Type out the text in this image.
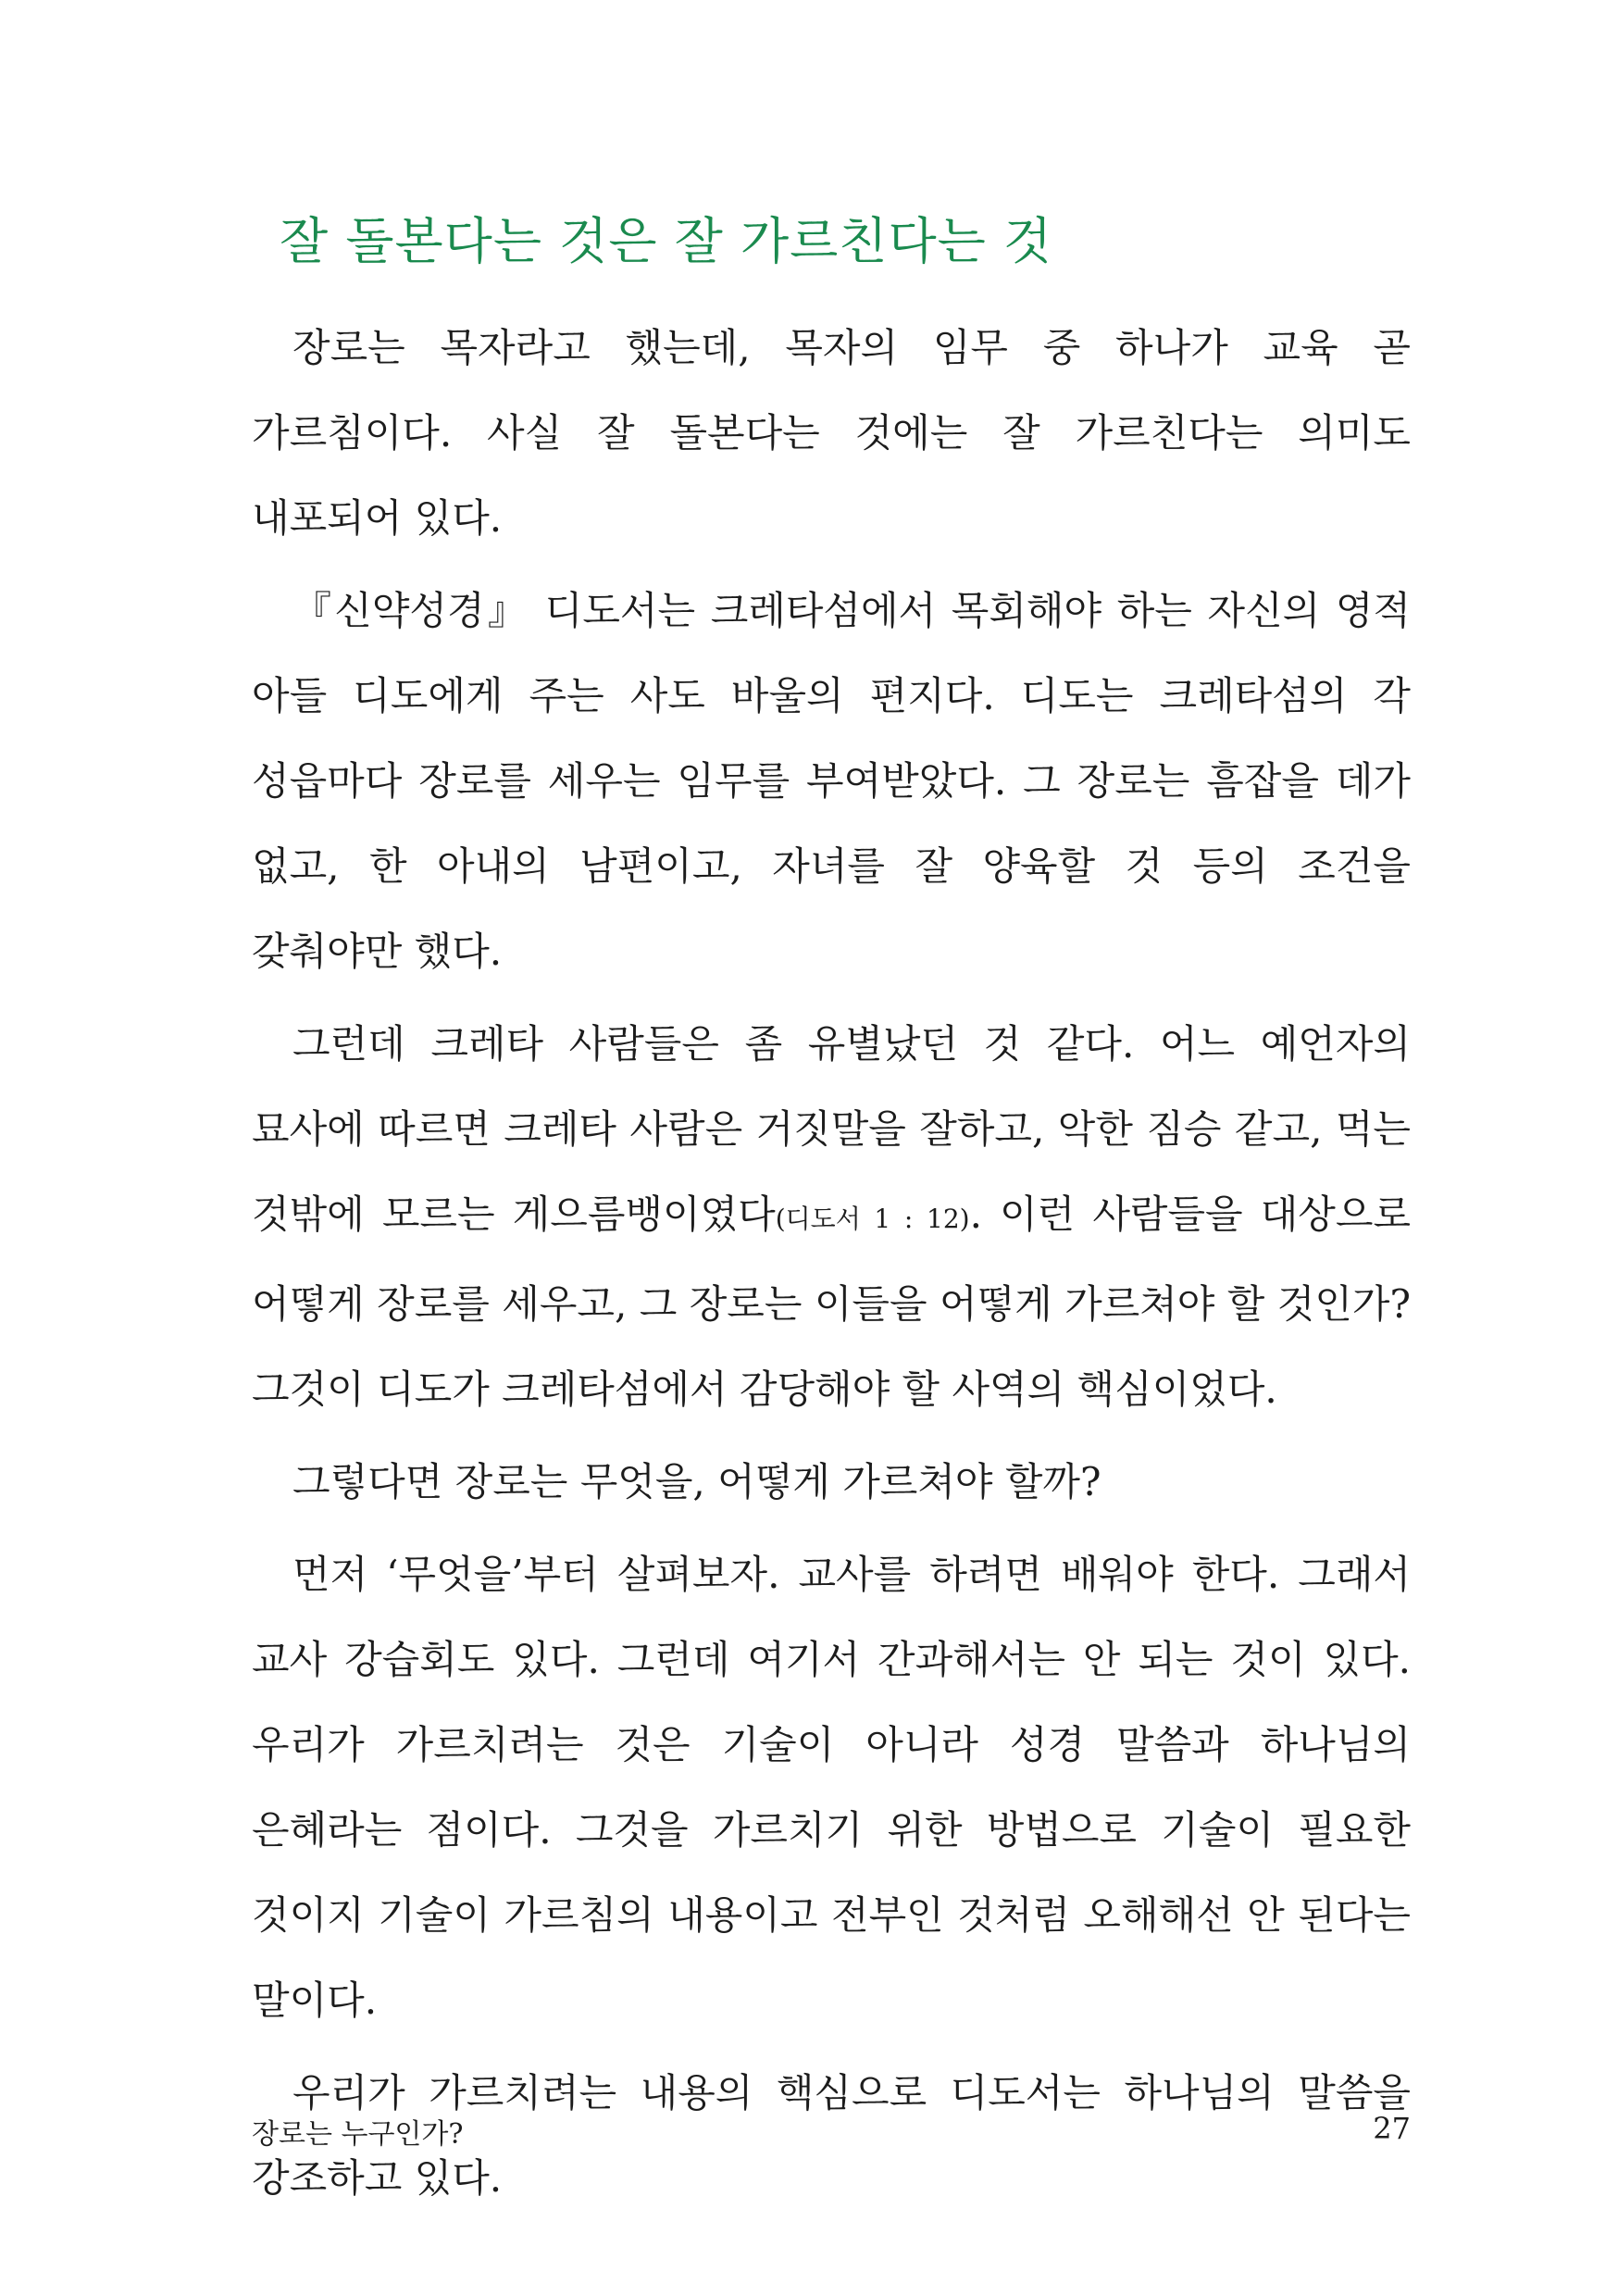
잘 돌본다는 것은 잘 가르친다는 것

장로는 목자라고 했는데, 목자의 임무 중 하나가 교육 곧 가르침이다. 사실 잘 돌본다는 것에는 잘 가르친다는 의미도 내포되어 있다.

『신약성경』 디도서는 크레타섬에서 목회해야 하는 자신의 영적 아들 디도에게 주는 사도 바울의 편지다. 디도는 크레타섬의 각 성읍마다 장로를 세우는 임무를 부여받았다. 그 장로는 흠잡을 데가 없고, 한 아내의 남편이고, 자녀를 잘 양육할 것 등의 조건을 갖춰야만 했다.

그런데 크레타 사람들은 좀 유별났던 것 같다. 어느 예언자의 묘사에 따르면 크레타 사람은 거짓말을 잘하고, 악한 짐승 같고, 먹는 것밖에 모르는 게으름뱅이였다(디도서 1 : 12). 이런 사람들을 대상으로 어떻게 장로를 세우고, 그 장로는 이들을 어떻게 가르쳐야 할 것인가? 그것이 디도가 크레타섬에서 감당해야 할 사역의 핵심이었다.

그렇다면 장로는 무엇을, 어떻게 가르쳐야 할까?

먼저 ‘무엇을’부터 살펴보자. 교사를 하려면 배워야 한다. 그래서 교사 강습회도 있다. 그런데 여기서 간과해서는 안 되는 것이 있다. 우리가 가르치려는 것은 기술이 아니라 성경 말씀과 하나님의 은혜라는 점이다. 그것을 가르치기 위한 방법으로 기술이 필요한 것이지 기술이 가르침의 내용이고 전부인 것처럼 오해해선 안 된다는 말이다.

우리가 가르치려는 내용의 핵심으로 디도서는 하나님의 말씀을 강조하고 있다.

장로는 누구인가?	27
